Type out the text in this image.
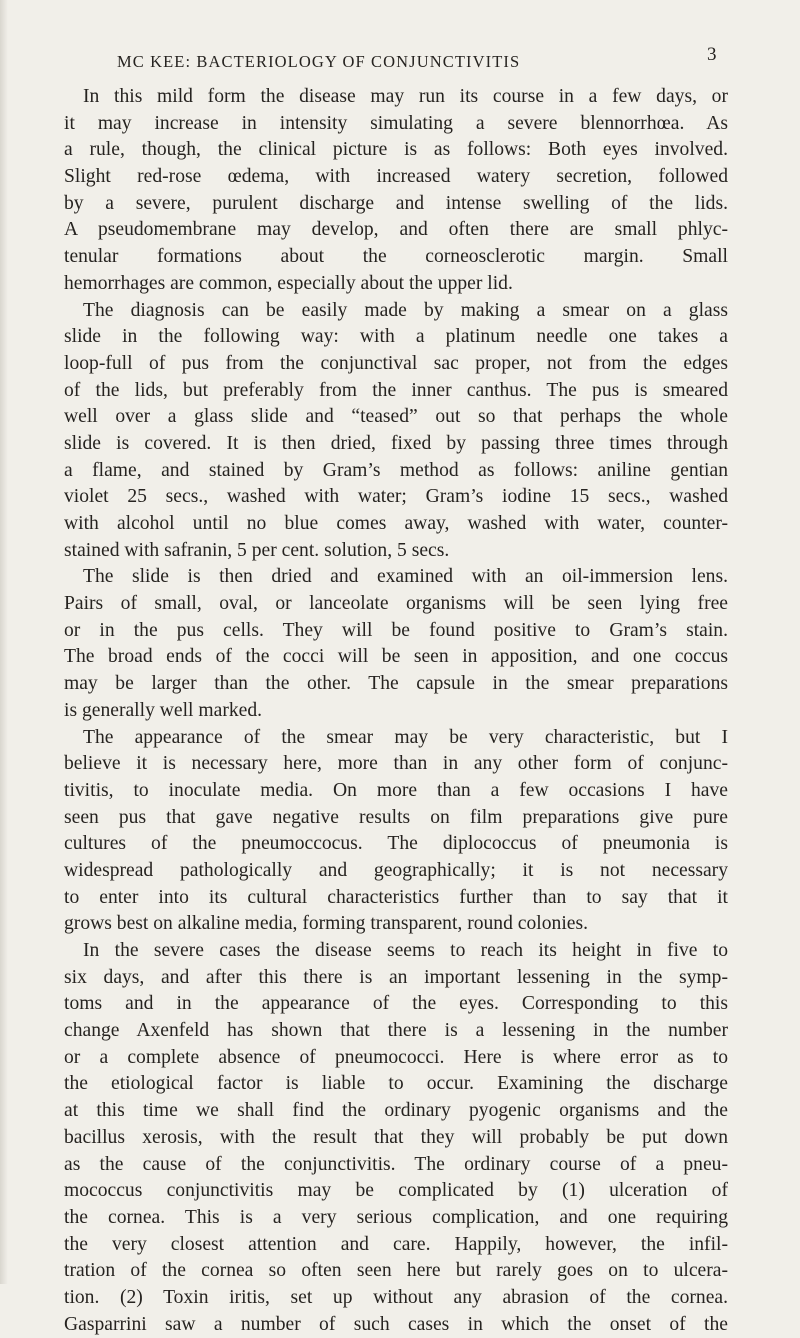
MC KEE: BACTERIOLOGY OF CONJUNCTIVITIS	3
In this mild form the disease may run its course in a few days, or
it may increase in intensity simulating a severe blennorrhœa. As
a rule, though, the clinical picture is as follows: Both eyes involved.
Slight red-rose œdema, with increased watery secretion, followed
by a severe, purulent discharge and intense swelling of the lids.
A pseudomembrane may develop, and often there are small phlyc-
tenular formations about the corneosclerotic margin. Small
hemorrhages are common, especially about the upper lid.
The diagnosis can be easily made by making a smear on a glass
slide in the following way: with a platinum needle one takes a
loop-full of pus from the conjunctival sac proper, not from the edges
of the lids, but preferably from the inner canthus. The pus is smeared
well over a glass slide and “teased” out so that perhaps the whole
slide is covered. It is then dried, fixed by passing three times through
a flame, and stained by Gram’s method as follows: aniline gentian
violet 25 secs., washed with water; Gram’s iodine 15 secs., washed
with alcohol until no blue comes away, washed with water, counter-
stained with safranin, 5 per cent. solution, 5 secs.
The slide is then dried and examined with an oil-immersion lens.
Pairs of small, oval, or lanceolate organisms will be seen lying free
or in the pus cells. They will be found positive to Gram’s stain.
The broad ends of the cocci will be seen in apposition, and one coccus
may be larger than the other. The capsule in the smear preparations
is generally well marked.
The appearance of the smear may be very characteristic, but I
believe it is necessary here, more than in any other form of conjunc-
tivitis, to inoculate media. On more than a few occasions I have
seen pus that gave negative results on film preparations give pure
cultures of the pneumoccocus. The diplococcus of pneumonia is
widespread pathologically and geographically; it is not necessary
to enter into its cultural characteristics further than to say that it
grows best on alkaline media, forming transparent, round colonies.
In the severe cases the disease seems to reach its height in five to
six days, and after this there is an important lessening in the symp-
toms and in the appearance of the eyes. Corresponding to this
change Axenfeld has shown that there is a lessening in the number
or a complete absence of pneumococci. Here is where error as to
the etiological factor is liable to occur. Examining the discharge
at this time we shall find the ordinary pyogenic organisms and the
bacillus xerosis, with the result that they will probably be put down
as the cause of the conjunctivitis. The ordinary course of a pneu-
mococcus conjunctivitis may be complicated by (1) ulceration of
the cornea. This is a very serious complication, and one requiring
the very closest attention and care. Happily, however, the infil-
tration of the cornea so often seen here but rarely goes on to ulcera-
tion. (2) Toxin iritis, set up without any abrasion of the cornea.
Gasparrini saw a number of such cases in which the onset of the
